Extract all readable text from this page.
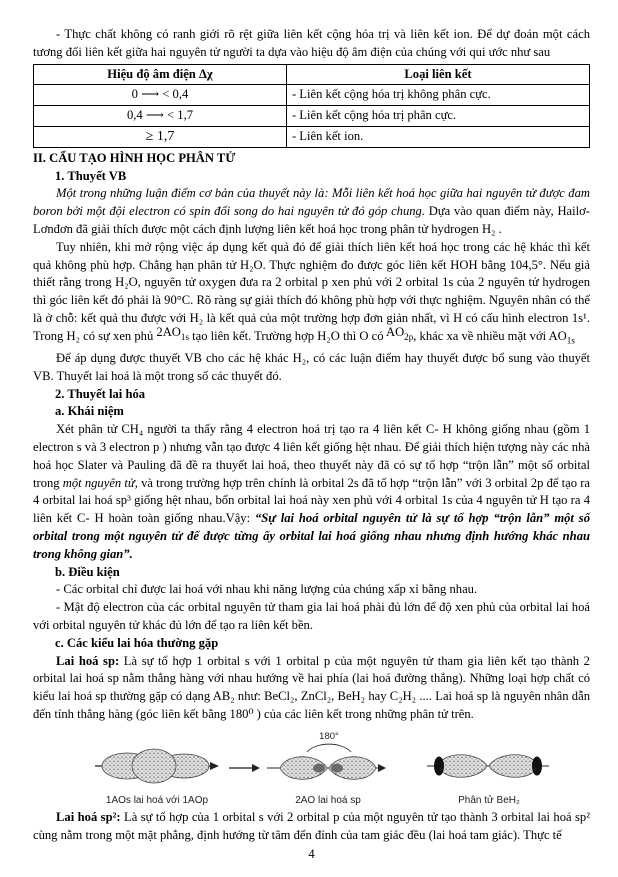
- Thực chất không có ranh giới rõ rệt giữa liên kết cộng hóa trị và liên kết ion. Để dự đoán một cách tương đối liên kết giữa hai nguyên tử người ta dựa vào hiệu độ âm điện của chúng với qui ước như sau

Hiệu độ âm điện Δχ	Loại liên kết
0 ⟶ < 0,4	- Liên kết cộng hóa trị không phân cực.
0,4 ⟶ < 1,7	- Liên kết cộng hóa trị phân cực.
≥ 1,7	- Liên kết ion.

II. CẤU TẠO HÌNH HỌC PHÂN TỬ

1. Thuyết VB

Một trong những luận điểm cơ bản của thuyết này là: Mỗi liên kết hoá học giữa hai nguyên tử được đam boron bởi một đội electron có spin đối song do hai nguyên tử đó góp chung. Dựa vào quan điểm này, Hailơ-Lơnđơn đã giải thích được một cách định lượng liên kết hoá học trong phân tử hydrogen H₂ .

Tuy nhiên, khi mở rộng việc áp dụng kết quả đó để giải thích liên kết hoá học trong các hệ khác thì kết quả không phù hợp. Chẳng hạn phân tử H₂O. Thực nghiệm đo được góc liên kết HOH bằng 104,5°. Nếu giả thiết rằng trong H₂O, nguyên tử oxygen đưa ra 2 orbital p xen phủ với 2 orbital 1s của 2 nguyên tử hydrogen thì góc liên kết đó phải là 90°C. Rõ ràng sự giải thích đó không phù hợp với thực nghiệm. Nguyên nhân có thể là ở chỗ: kết quả thu được với H₂ là kết quả của một trường hợp đơn giản nhất, vì H có cấu hình electron 1s¹. Trong H₂ có sự xen phủ 2AO1s tạo liên kết. Trường hợp H₂O thì O có AO2p, khác xa về nhiều mặt với $AO_{1s}$

Để áp dụng được thuyết VB cho các hệ khác H₂, có các luận điểm hay thuyết được bổ sung vào thuyết VB. Thuyết lai hoá là một trong số các thuyết đó.

2. Thuyết lai hóa

a. Khái niệm

Xét phân tử CH₄ người ta thấy rằng 4 electron hoá trị tạo ra 4 liên kết C- H không giống nhau (gồm 1 electron s và 3 electron p ) nhưng vẫn tạo được 4 liên kết giống hệt nhau. Để giải thích hiện tượng này các nhà hoá học Slater và Pauling đã đề ra thuyết lai hoá, theo thuyết này đã có sự tổ hợp “trộn lẫn” một số orbital trong một nguyên tử, và trong trường hợp trên chính là orbital 2s đã tổ hợp “trộn lẫn” với 3 orbital 2p để tạo ra 4 orbital lai hoá sp³ giống hệt nhau, bốn orbital lai hoá này xen phủ với 4 orbital 1s của 4 nguyên tử H tạo ra 4 liên kết C- H hoàn toàn giống nhau.Vậy: “Sự lai hoá orbital nguyên tử là sự tổ hợp “trộn lẫn” một số orbital trong một nguyên tử để được từng ấy orbital lai hoá giống nhau nhưng định hướng khác nhau trong không gian”.

b. Điều kiện

- Các orbital chỉ được lai hoá với nhau khi năng lượng của chúng xấp xỉ bằng nhau.

- Mật độ electron của các orbital nguyên tử tham gia lai hoá phải đủ lớn để độ xen phủ của orbital lai hoá với orbital nguyên tử khác đủ lớn để tạo ra liên kết bền.

c. Các kiểu lai hóa thường gặp

Lai hoá sp: Là sự tổ hợp 1 orbital s với 1 orbital p của một nguyên tử tham gia liên kết tạo thành 2 orbital lai hoá sp nằm thẳng hàng với nhau hướng về hai phía (lai hoá đường thẳng). Những loại hợp chất có kiểu lai hoá sp thường gặp có dạng AB₂ như: BeCl₂, ZnCl₂, BeH₂ hay C₂H₂ .... Lai hoá sp là nguyên nhân dẫn đến tính thẳng hàng (góc liên kết bằng 180⁰ ) của các liên kết trong những phân tử trên.

1AOs lai hoá với 1AOp
180°
2AO lai hoá sp	Phân tử BeH₂

Lai hoá sp²: Là sự tổ hợp của 1 orbital s với 2 orbital p của một nguyên tử tạo thành 3 orbital lai hoá sp² cùng nằm trong một mặt phẳng, định hướng từ tâm đến đỉnh của tam giác đều (lai hoá tam giác). Thực tế

4
